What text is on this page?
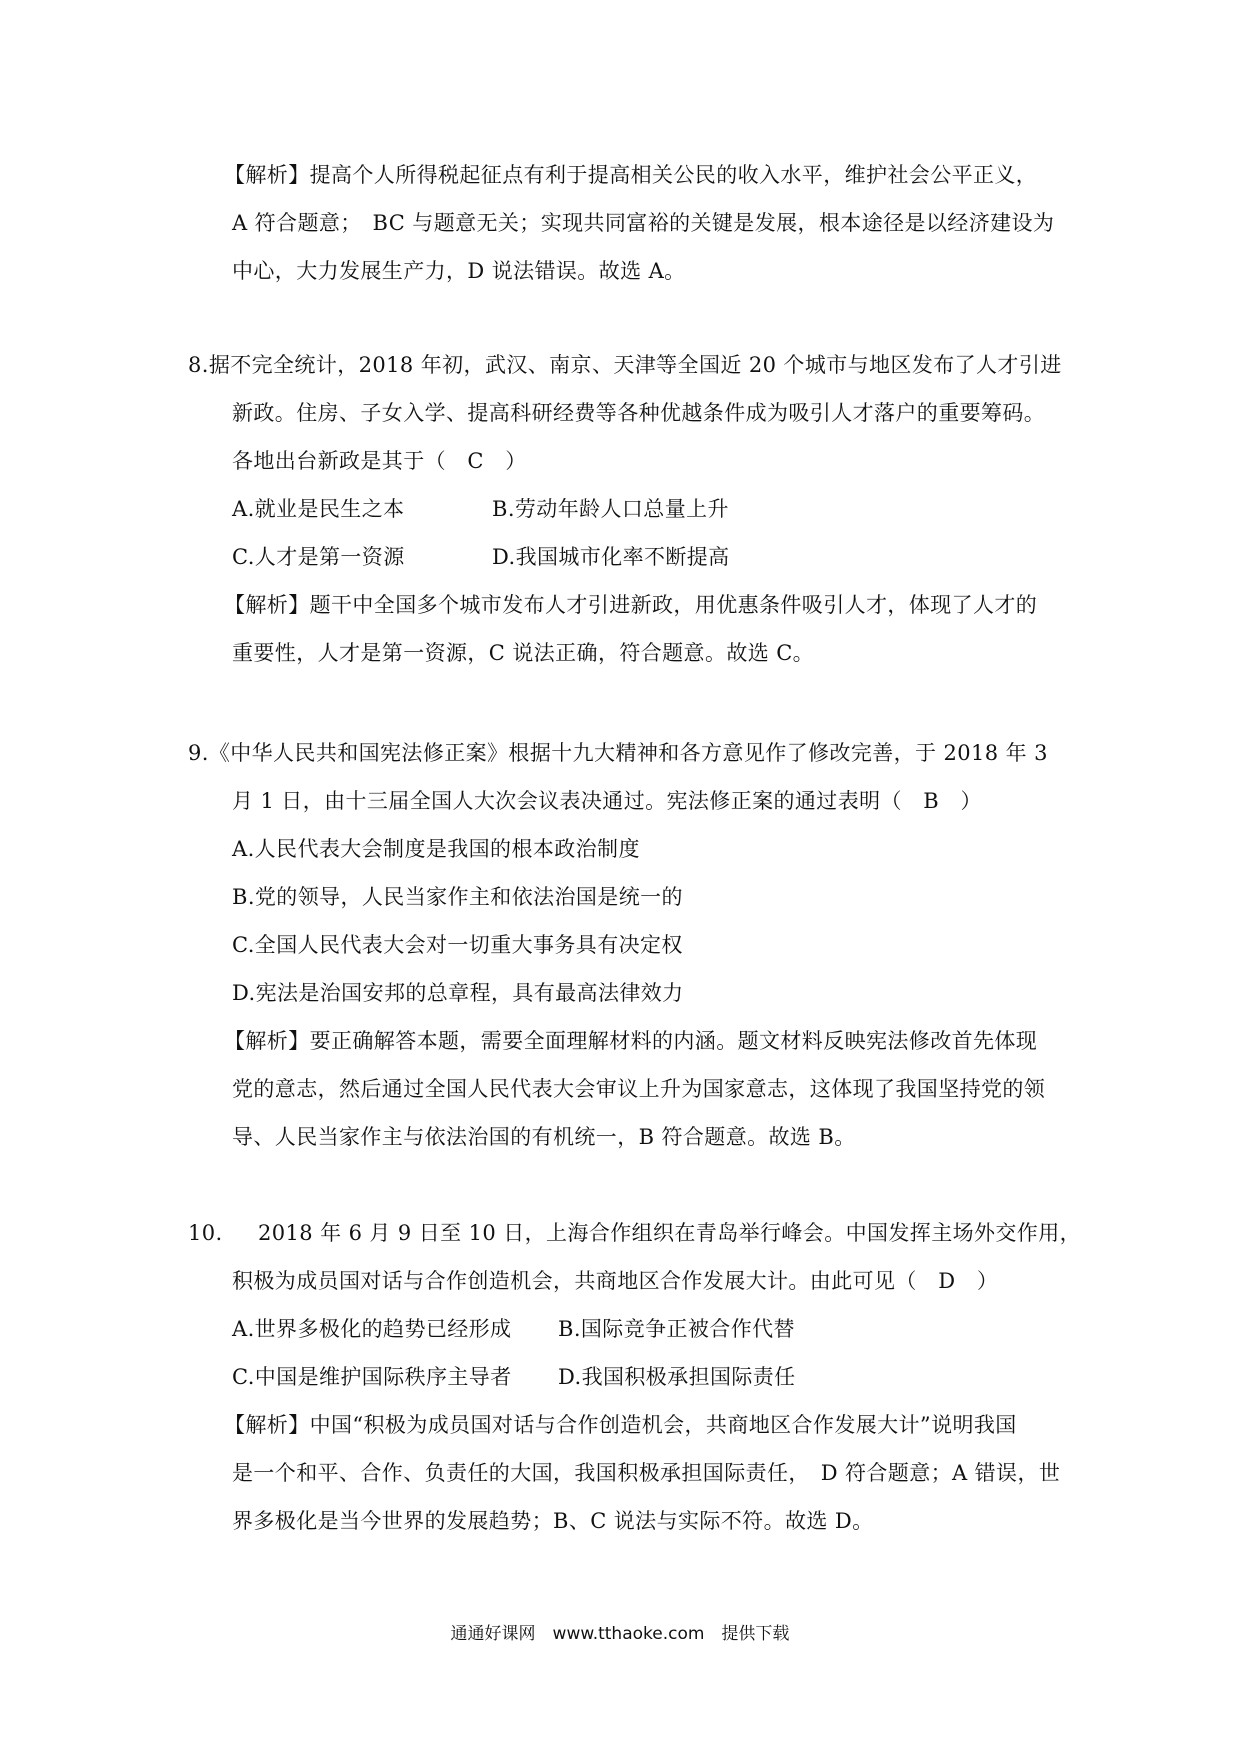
【解析】提高个人所得税起征点有利于提高相关公民的收入水平，维护社会公平正义，
A 符合题意；　BC 与题意无关；实现共同富裕的关键是发展，根本途径是以经济建设为
中心，大力发展生产力，D 说法错误。故选 A。
8.据不完全统计，2018 年初，武汉、南京、天津等全国近 20 个城市与地区发布了人才引进
新政。住房、子女入学、提高科研经费等各种优越条件成为吸引人才落户的重要筹码。
各地出台新政是其于（　C　）
A.就业是民生之本	B.劳动年龄人口总量上升
C.人才是第一资源	D.我国城市化率不断提高
【解析】题干中全国多个城市发布人才引进新政，用优惠条件吸引人才，体现了人才的
重要性，人才是第一资源，C 说法正确，符合题意。故选 C。
9.《中华人民共和国宪法修正案》根据十九大精神和各方意见作了修改完善，于 2018 年 3
月 1 日，由十三届全国人大次会议表决通过。宪法修正案的通过表明（　B　）
A.人民代表大会制度是我国的根本政治制度
B.党的领导，人民当家作主和依法治国是统一的
C.全国人民代表大会对一切重大事务具有决定权
D.宪法是治国安邦的总章程，具有最高法律效力
【解析】要正确解答本题，需要全面理解材料的内涵。题文材料反映宪法修改首先体现
党的意志，然后通过全国人民代表大会审议上升为国家意志，这体现了我国坚持党的领
导、人民当家作主与依法治国的有机统一，B 符合题意。故选 B。
10. 2018 年 6 月 9 日至 10 日，上海合作组织在青岛举行峰会。中国发挥主场外交作用，
积极为成员国对话与合作创造机会，共商地区合作发展大计。由此可见（　D　）
A.世界多极化的趋势已经形成 B.国际竞争正被合作代替
C.中国是维护国际秩序主导者 D.我国积极承担国际责任
【解析】中国“积极为成员国对话与合作创造机会，共商地区合作发展大计”说明我国
是一个和平、合作、负责任的大国，我国积极承担国际责任，　D 符合题意；A 错误，世
界多极化是当今世界的发展趋势；B、C 说法与实际不符。故选 D。
通通好课网　www.tthaoke.com　提供下载
